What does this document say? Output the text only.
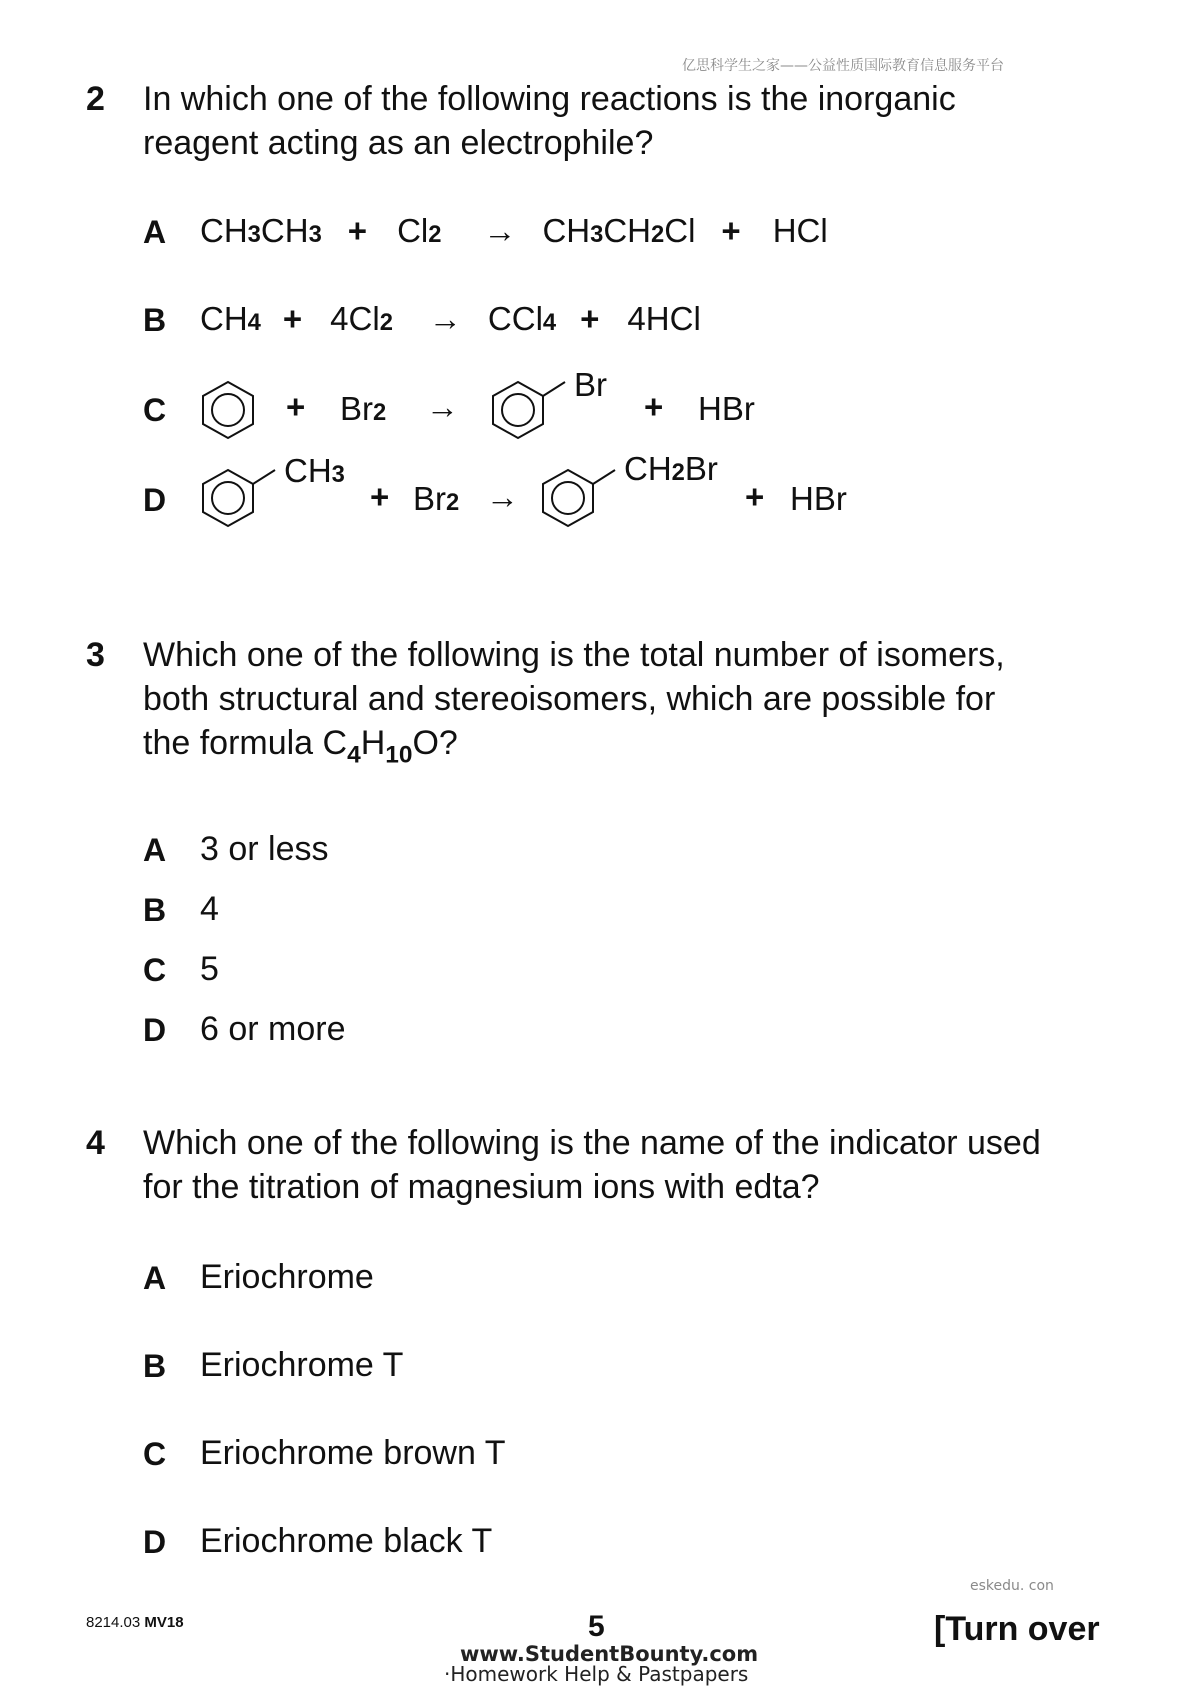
亿思科学生之家——公益性质国际教育信息服务平台
2 In which one of the following reactions is the inorganic
reagent acting as an electrophile?
A CH 3 CH 3 + Cl 2 → CH 3 CH 2 Cl + HCl
B CH 4 + 4Cl 2 → CCl 4 + 4HCl
C	+ Br 2 →
Br
+ HBr
D
CH 3
+ Br 2 →
CH 2 Br
+ HBr
3 Which one of the following is the total number of isomers,
both structural and stereoisomers, which are possible for
the formula $C_4H_{10}O$?
A 3 or less
B 4
C 5
D 6 or more
4 Which one of the following is the name of the indicator used
for the titration of magnesium ions with edta?
A Eriochrome
B Eriochrome T
C Eriochrome brown T
D Eriochrome black T
eskedu. con
8214.03 MV18	5	[Turn over
www.StudentBounty.com
·Homework Help & Pastpapers
